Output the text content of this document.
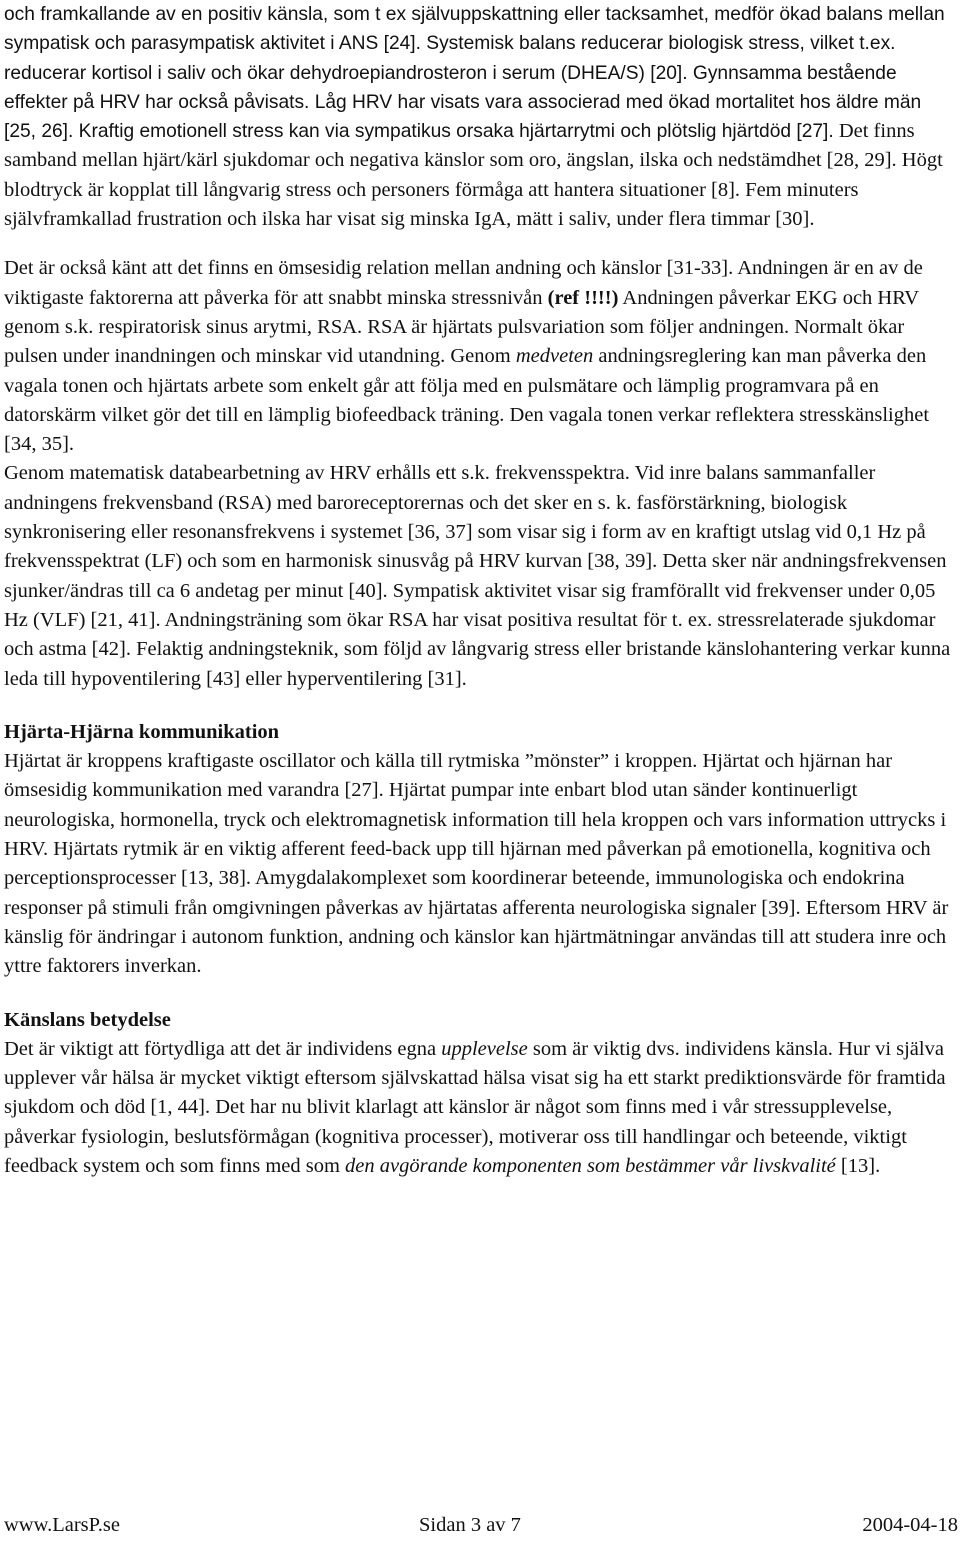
och framkallande av en positiv känsla, som t ex självuppskattning eller tacksamhet, medför ökad balans mellan sympatisk och parasympatisk aktivitet i ANS [24]. Systemisk balans reducerar biologisk stress, vilket t.ex. reducerar kortisol i saliv och ökar dehydroepiandrosteron i serum (DHEA/S) [20]. Gynnsamma bestående effekter på HRV har också påvisats. Låg HRV har visats vara associerad med ökad mortalitet hos äldre män [25, 26]. Kraftig emotionell stress kan via sympatikus orsaka hjärtarrytmi och plötslig hjärtdöd [27]. Det finns samband mellan hjärt/kärl sjukdomar och negativa känslor som oro, ängslan, ilska och nedstämdhet [28, 29]. Högt blodtryck är kopplat till långvarig stress och personers förmåga att hantera situationer [8]. Fem minuters självframkallad frustration och ilska har visat sig minska IgA, mätt i saliv, under flera timmar [30].

Det är också känt att det finns en ömsesidig relation mellan andning och känslor [31-33]. Andningen är en av de viktigaste faktorerna att påverka för att snabbt minska stressnivån (ref !!!!) Andningen påverkar EKG och HRV genom s.k. respiratorisk sinus arytmi, RSA. RSA är hjärtats pulsvariation som följer andningen. Normalt ökar pulsen under inandningen och minskar vid utandning. Genom medveten andningsreglering kan man påverka den vagala tonen och hjärtats arbete som enkelt går att följa med en pulsmätare och lämplig programvara på en datorskärm vilket gör det till en lämplig biofeedback träning. Den vagala tonen verkar reflektera stresskänslighet [34, 35].

Genom matematisk databearbetning av HRV erhålls ett s.k. frekvensspektra. Vid inre balans sammanfaller andningens frekvensband (RSA) med baroreceptorernas och det sker en s. k. fasförstärkning, biologisk synkronisering eller resonansfrekvens i systemet [36, 37] som visar sig i form av en kraftigt utslag vid 0,1 Hz på frekvensspektrat (LF) och som en harmonisk sinusvåg på HRV kurvan [38, 39]. Detta sker när andningsfrekvensen sjunker/ändras till ca 6 andetag per minut [40]. Sympatisk aktivitet visar sig framförallt vid frekvenser under 0,05 Hz (VLF) [21, 41]. Andningsträning som ökar RSA har visat positiva resultat för t. ex. stressrelaterade sjukdomar och astma [42]. Felaktig andningsteknik, som följd av långvarig stress eller bristande känslohantering verkar kunna leda till hypoventilering [43] eller hyperventilering [31].

Hjärta-Hjärna kommunikation

Hjärtat är kroppens kraftigaste oscillator och källa till rytmiska ”mönster” i kroppen. Hjärtat och hjärnan har ömsesidig kommunikation med varandra [27]. Hjärtat pumpar inte enbart blod utan sänder kontinuerligt neurologiska, hormonella, tryck och elektromagnetisk information till hela kroppen och vars information uttrycks i HRV. Hjärtats rytmik är en viktig afferent feed-back upp till hjärnan med påverkan på emotionella, kognitiva och perceptionsprocesser [13, 38]. Amygdalakomplexet som koordinerar beteende, immunologiska och endokrina responser på stimuli från omgivningen påverkas av hjärtatas afferenta neurologiska signaler [39]. Eftersom HRV är känslig för ändringar i autonom funktion, andning och känslor kan hjärtmätningar användas till att studera inre och yttre faktorers inverkan.

Känslans betydelse

Det är viktigt att förtydliga att det är individens egna upplevelse som är viktig dvs. individens känsla. Hur vi själva upplever vår hälsa är mycket viktigt eftersom självskattad hälsa visat sig ha ett starkt prediktionsvärde för framtida sjukdom och död [1, 44]. Det har nu blivit klarlagt att känslor är något som finns med i vår stressupplevelse, påverkar fysiologin, beslutsförmågan (kognitiva processer), motiverar oss till handlingar och beteende, viktigt feedback system och som finns med som den avgörande komponenten som bestämmer vår livskvalité [13].

www.LarsP.se	Sidan 3 av 7	2004-04-18
